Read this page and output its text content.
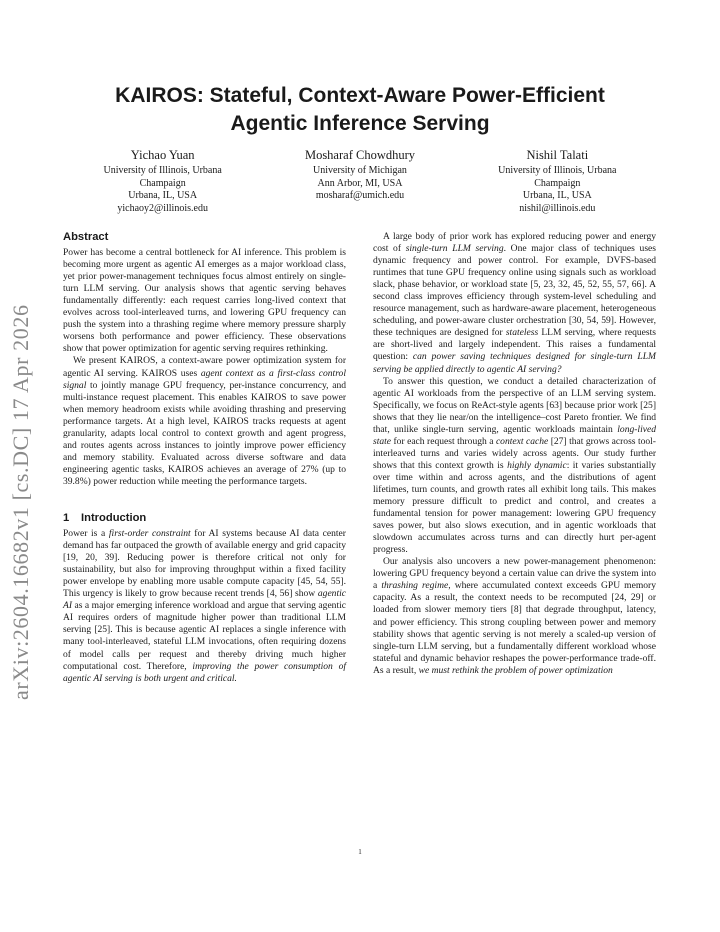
arXiv:2604.16682v1 [cs.DC] 17 Apr 2026
KAIROS: Stateful, Context-Aware Power-Efficient Agentic Inference Serving
Yichao Yuan
University of Illinois, Urbana
Champaign
Urbana, IL, USA
yichaoy2@illinois.edu
Mosharaf Chowdhury
University of Michigan
Ann Arbor, MI, USA
mosharaf@umich.edu
Nishil Talati
University of Illinois, Urbana
Champaign
Urbana, IL, USA
nishil@illinois.edu
Abstract

Power has become a central bottleneck for AI inference. This problem is becoming more urgent as agentic AI emerges as a major workload class, yet prior power-management techniques focus almost entirely on single-turn LLM serving. Our analysis shows that agentic serving behaves fundamentally differently: each request carries long-lived context that evolves across tool-interleaved turns, and lowering GPU frequency can push the system into a thrashing regime where memory pressure sharply worsens both performance and power efficiency. These observations show that power optimization for agentic serving requires rethinking.

We present KAIROS, a context-aware power optimization system for agentic AI serving. KAIROS uses agent context as a first-class control signal to jointly manage GPU frequency, per-instance concurrency, and multi-instance request placement. This enables KAIROS to save power when memory headroom exists while avoiding thrashing and preserving performance targets. At a high level, KAIROS tracks requests at agent granularity, adapts local control to context growth and agent progress, and routes agents across instances to jointly improve power efficiency and memory stability. Evaluated across diverse software and data engineering agentic tasks, KAIROS achieves an average of 27% (up to 39.8%) power reduction while meeting the performance targets.

1 Introduction

Power is a first-order constraint for AI systems because AI data center demand has far outpaced the growth of available energy and grid capacity [19, 20, 39]. Reducing power is therefore critical not only for sustainability, but also for improving throughput within a fixed facility power envelope by enabling more usable compute capacity [45, 54, 55]. This urgency is likely to grow because recent trends [4, 56] show agentic AI as a major emerging inference workload and argue that serving agentic AI requires orders of magnitude higher power than traditional LLM serving [25]. This is because agentic AI replaces a single inference with many tool-interleaved, stateful LLM invocations, often requiring dozens of model calls per request and thereby driving much higher computational cost. Therefore, improving the power consumption of agentic AI serving is both urgent and critical.

A large body of prior work has explored reducing power and energy cost of single-turn LLM serving. One major class of techniques uses dynamic frequency and power control. For example, DVFS-based runtimes that tune GPU frequency online using signals such as workload slack, phase behavior, or workload state [5, 23, 32, 45, 52, 55, 57, 66]. A second class improves efficiency through system-level scheduling and resource management, such as hardware-aware placement, heterogeneous scheduling, and power-aware cluster orchestration [30, 54, 59]. However, these techniques are designed for stateless LLM serving, where requests are short-lived and largely independent. This raises a fundamental question: can power saving techniques designed for single-turn LLM serving be applied directly to agentic AI serving?

To answer this question, we conduct a detailed characterization of agentic AI workloads from the perspective of an LLM serving system. Specifically, we focus on ReAct-style agents [63] because prior work [25] shows that they lie near/on the intelligence–cost Pareto frontier. We find that, unlike single-turn serving, agentic workloads maintain long-lived state for each request through a context cache [27] that grows across tool-interleaved turns and varies widely across agents. Our study further shows that this context growth is highly dynamic: it varies substantially over time within and across agents, and the distributions of agent lifetimes, turn counts, and growth rates all exhibit long tails. This makes memory pressure difficult to predict and control, and creates a fundamental tension for power management: lowering GPU frequency saves power, but also slows execution, and in agentic workloads that slowdown accumulates across turns and can directly hurt per-agent progress.

Our analysis also uncovers a new power-management phenomenon: lowering GPU frequency beyond a certain value can drive the system into a thrashing regime, where accumulated context exceeds GPU memory capacity. As a result, the context needs to be recomputed [24, 29] or loaded from slower memory tiers [8] that degrade throughput, latency, and power efficiency. This strong coupling between power and memory stability shows that agentic serving is not merely a scaled-up version of single-turn LLM serving, but a fundamentally different workload whose stateful and dynamic behavior reshapes the power-performance trade-off. As a result, we must rethink the problem of power optimization

1
